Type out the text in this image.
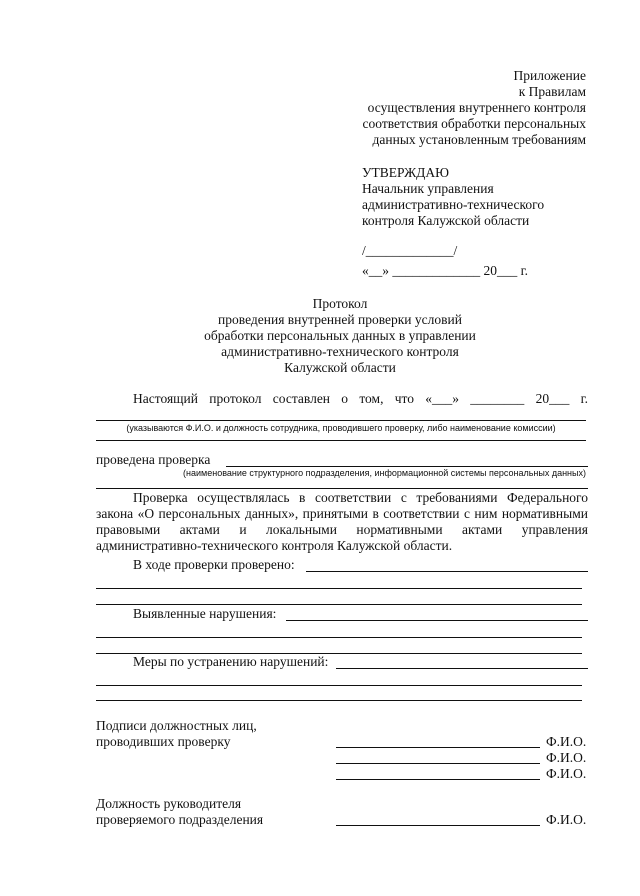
Приложение
к Правилам
осуществления внутреннего контроля
соответствия обработки персональных
данных установленным требованиям
УТВЕРЖДАЮ
Начальник управления
административно-технического
контроля Калужской области
/_____________/
«__» _____________ 20___ г.
Протокол
проведения внутренней проверки условий
обработки персональных данных в управлении
административно-технического контроля
Калужской области
Настоящий протокол составлен о том, что «___» ________ 20___ г.
(указываются Ф.И.О. и должность сотрудника, проводившего проверку, либо наименование комиссии)
проведена проверка
(наименование структурного подразделения, информационной системы персональных данных)
Проверка осуществлялась в соответствии с требованиями Федерального
закона «О персональных данных», принятыми в соответствии с ним нормативными
правовыми актами и локальными нормативными актами управления
административно-технического контроля Калужской области.
В ходе проверки проверено:
Выявленные нарушения:
Меры по устранению нарушений:
Подписи должностных лиц,
проводивших проверку	Ф.И.О.
Ф.И.О.
Ф.И.О.
Должность руководителя
проверяемого подразделения	Ф.И.О.
